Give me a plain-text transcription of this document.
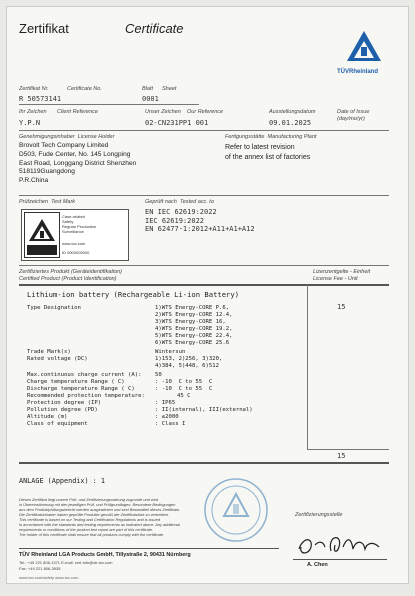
Zertifikat	Certificate
TÜVRheinland
Zertifikat Nr.	Certificate No.
R 50573141
Blatt Sheet
0001
Ihr Zeichen Client Reference
Y.P.N
Unser Zeichen Our Reference
02-CN231PP1 001
Ausstellungsdatum	Date of Issue
(day/mo/yr)
09.01.2025
Genehmigungsinhaber License Holder
Brovolt Tech Company Limited
D503, Fude Center, No. 145 Longping
East Road, Longgang District Shenzhen
518119Guangdong
P.R.China
Fertigungsstätte Manufacturing Plant
Refer to latest revision
of the annex list of factories
Prüfzeichen Test Mark
Case-related
Safety
Regular Production
Surveillance
www.tuv.com
ID 0000000000
Geprüft nach Tested acc. to
EN IEC 62619:2022
IEC 62619:2022
EN 62477-1:2012+A11+A1+A12
Zertifiziertes Produkt (Geräteidentifikation)
Certified Product (Product Identification)
Lizenzentgelte - Einheit
License Fee - Unit
Lithium-ion battery (Rechargeable Li-ion Battery)
Type Designation	1)WTS Energy-CORE P.6,
2)WTS Energy-CORE 12.4,
3)WTS Energy-CORE 16,
4)WTS Energy-CORE 19.2,
5)WTS Energy-CORE 22.4,
6)WTS Energy-CORE 25.6
Trade Mark(s)	Wintersun
Rated voltage (DC)	1)153, 2)256, 3)320,
4)384, 5)448, 6)512
Max.continuous charge current (A): 50
Charge temperature Range ( C)	: -10  C to 55  C
Discharge temperature Range ( C)	: -10  C to 55  C
Recommended protection temperature:	45 C
Protection degree (IP)	: IP65
Pollution degree (PD)	: II(internal), III(external)
Altitude (m)	: ≤2000
Class of equipment	: Class I
15
15
ANLAGE (Appendix) : 1
Dieses Zertifikat liegt unsere Prüf- und Zertifizierungsordnung zugrunde und wird
in Übereinstimmung mit den jeweiligen Prüf- und Prüfgrundlagen. Besondere Bedingungen
aus dem Produktprüfungsbericht werden ausgewiesen und sind Bestandteil dieses Zertifikats.
Die Zertifikatsinhaber haben geprüfte Produkte gemäß der Zertifikatsliste zu vertreiben.
This certificate is based on our Testing and Certification Regulations and is issued
in accordance with the standards and testing requirements as indicated above. Any additional
requirements or conditions of the product test report are part of this certificate.
The holder of this certificate shall ensure that all products comply with the certificate.
Zertifizierungsstelle
A. Chen
TÜV Rheinland LGA Products GmbH, Tillystraße 2, 90431 Nürnberg
Tel.: +49 221 806-1371 E-mail: cert-info@de.tuv.com
Fax: +49 221 806-3935
www.tuv.com/safety www.tuv.com
